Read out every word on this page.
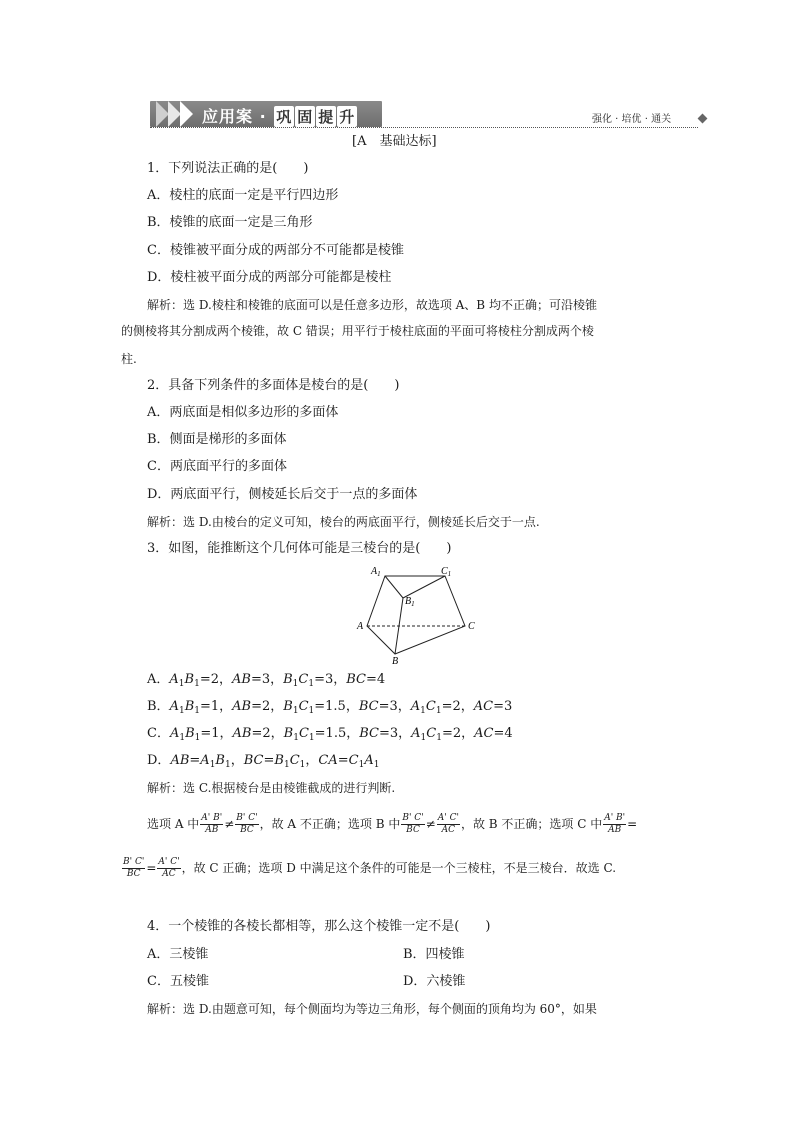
应用案 · 巩 固 提 升	强化 · 培优 · 通关
[A　基础达标]
1．下列说法正确的是(　　)
A．棱柱的底面一定是平行四边形
B．棱锥的底面一定是三角形
C．棱锥被平面分成的两部分不可能都是棱锥
D．棱柱被平面分成的两部分可能都是棱柱
解析：选 D.棱柱和棱锥的底面可以是任意多边形，故选项 A、B 均不正确；可沿棱锥
的侧棱将其分割成两个棱锥，故 C 错误；用平行于棱柱底面的平面可将棱柱分割成两个棱
柱.
2．具备下列条件的多面体是棱台的是(　　)
A．两底面是相似多边形的多面体
B．侧面是梯形的多面体
C．两底面平行的多面体
D．两底面平行，侧棱延长后交于一点的多面体
解析：选 D.由棱台的定义可知，棱台的两底面平行，侧棱延长后交于一点.
3．如图，能推断这个几何体可能是三棱台的是(　　)
$A_1$	$C_1$
$B_1$
A	C
B
A．$A_1B_1=2$，AB=3，$B_1C_1=3$，BC=4
B．$A_1B_1=1$，AB=2，$B_1C_1=1.5$，BC=3，$A_1C_1=2$，AC=3
C．$A_1B_1=1$，AB=2，$B_1C_1=1.5$，BC=3，$A_1C_1=2$，AC=4
D．$AB=A_1B_1$，$BC=B_1C_1$，$CA=C_1A_1$
解析：选 C.根据棱台是由棱锥截成的进行判断.
选项 A 中 $\frac{A' B'}{AB} \ne \frac{B' C'}{BC}$ ，故 A 不正确；选项 B 中 $\frac{B' C'}{BC} \ne \frac{A' C'}{AC}$ ，故 B 不正确；选项 C 中 $\frac{A' B'}{AB}$ =
$\frac{B' C'}{BC} = \frac{A' C'}{AC}$ ，故 C 正确；选项 D 中满足这个条件的可能是一个三棱柱，不是三棱台．故选 C.
4．一个棱锥的各棱长都相等，那么这个棱锥一定不是(　　)
A．三棱锥	B．四棱锥
C．五棱锥	D．六棱锥
解析：选 D.由题意可知，每个侧面均为等边三角形，每个侧面的顶角均为 60°，如果
